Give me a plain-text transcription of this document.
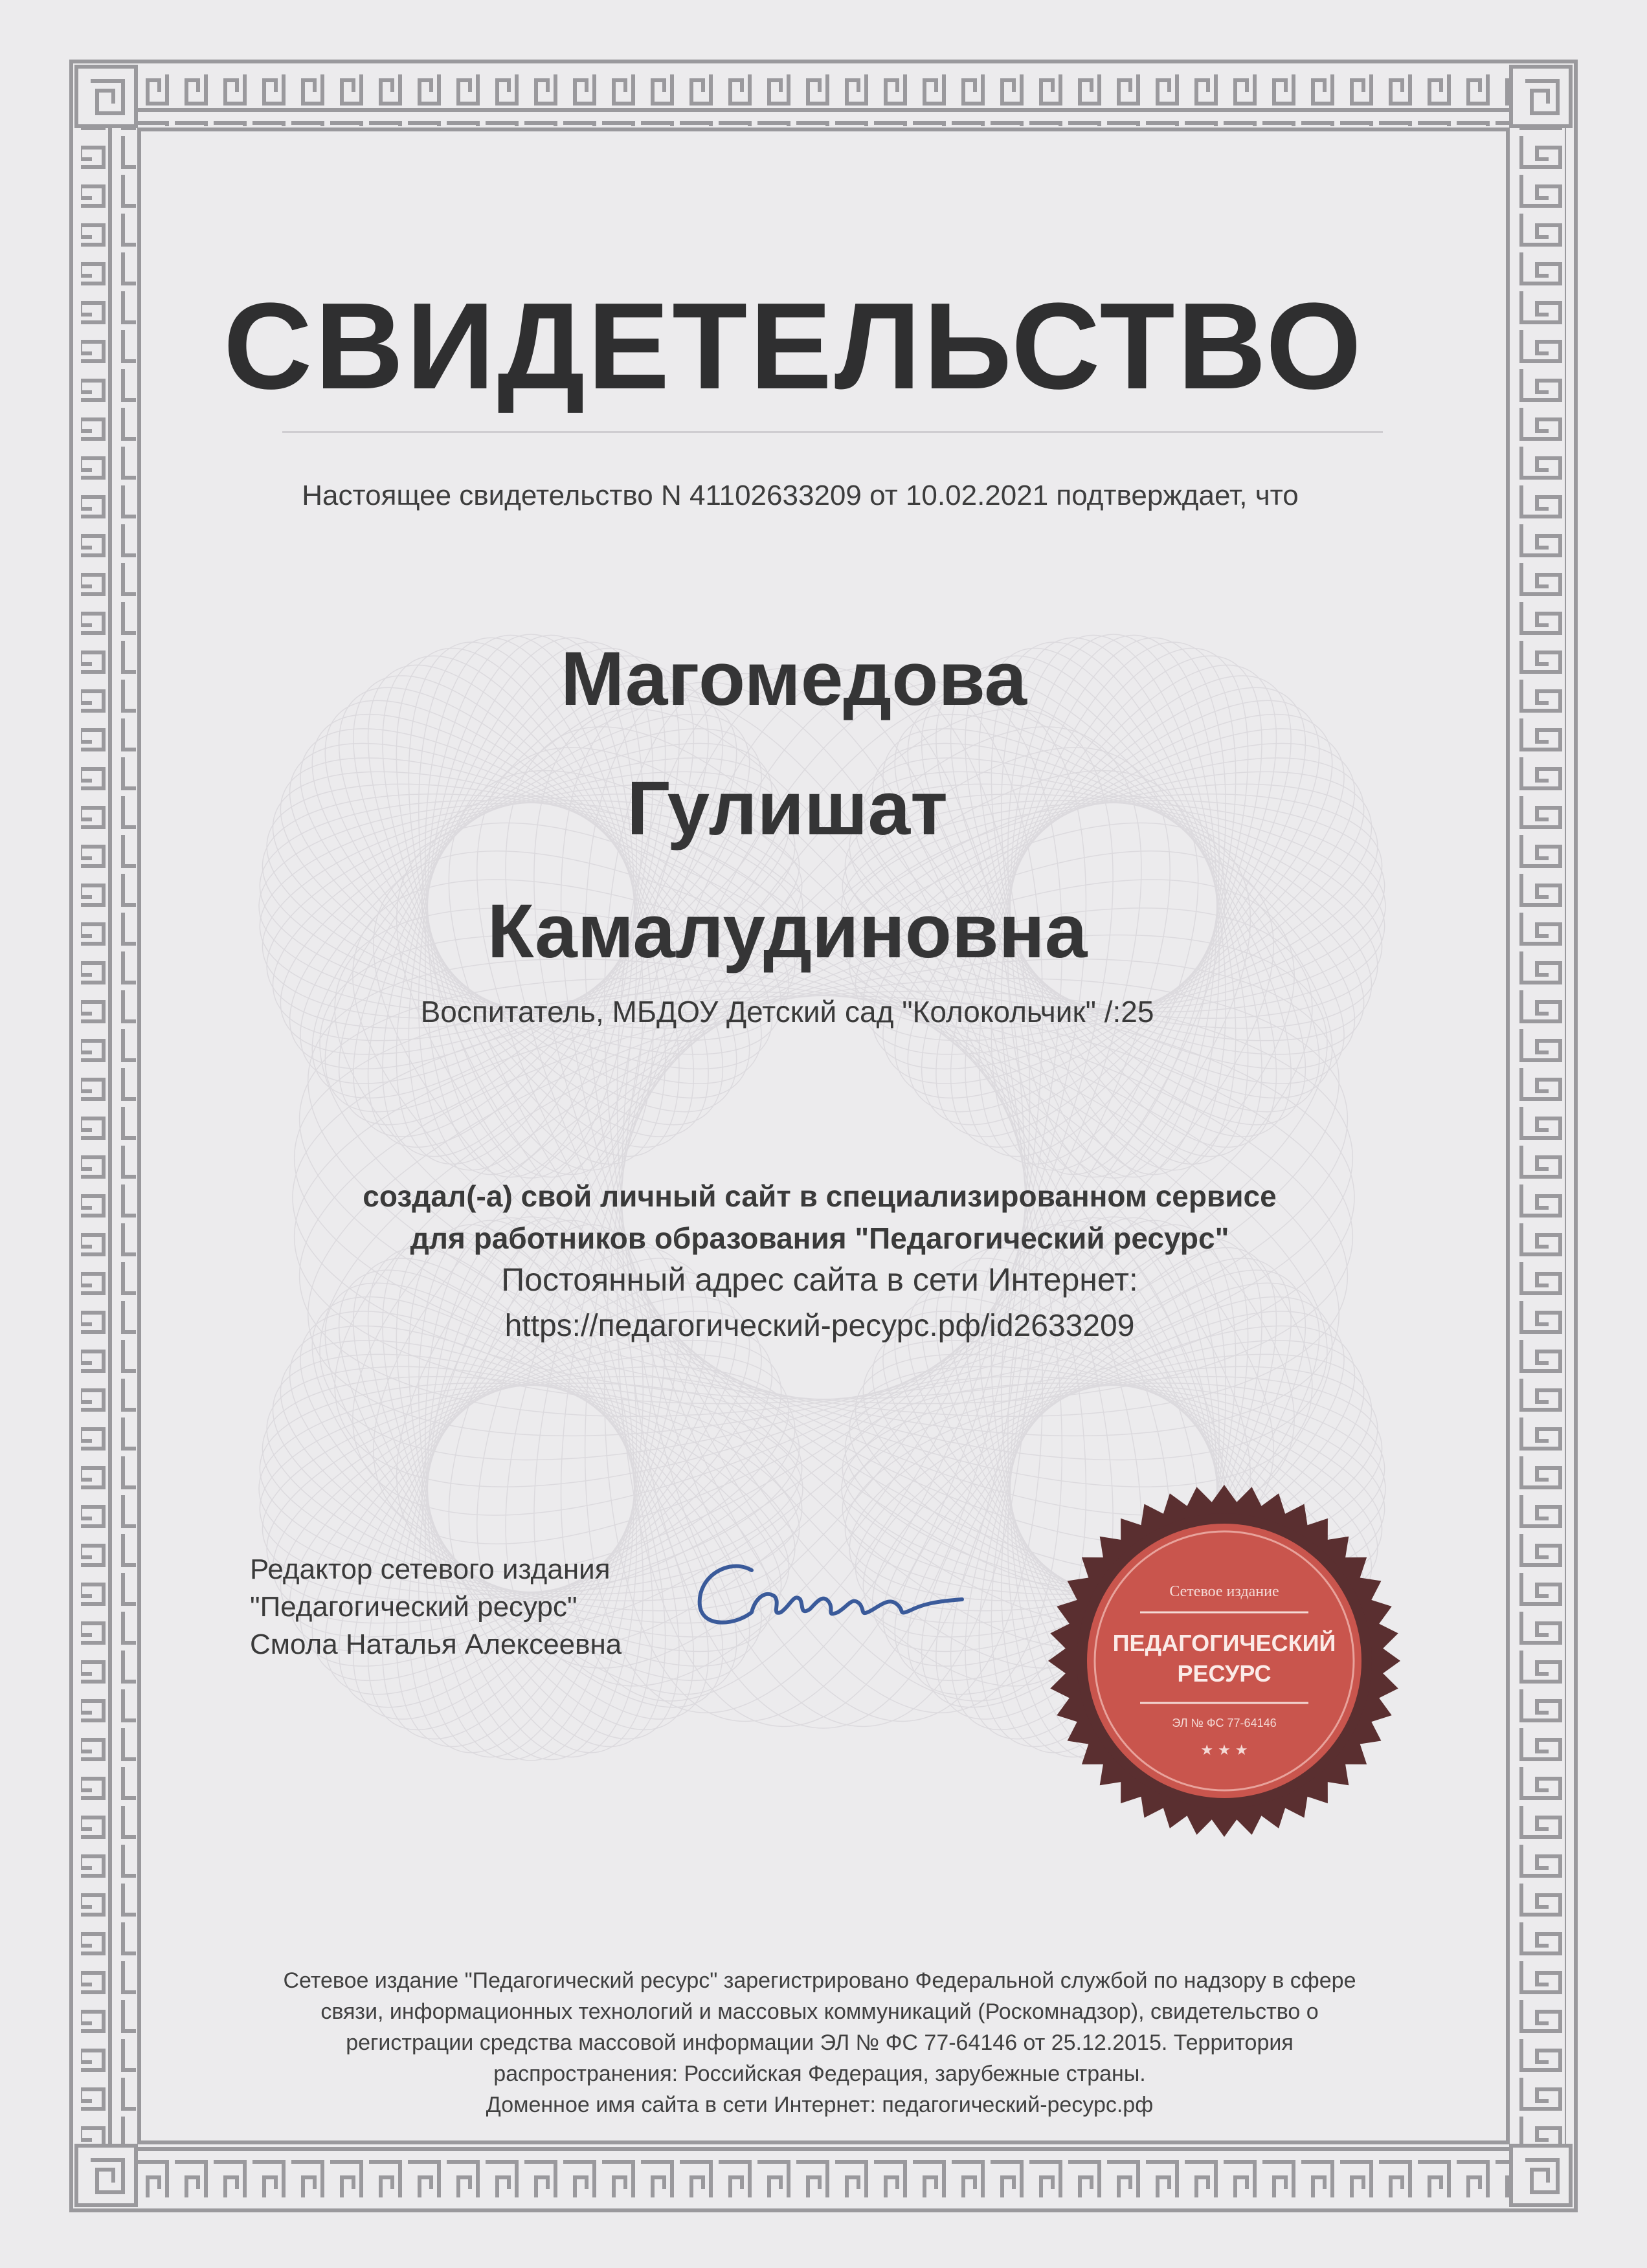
СВИДЕТЕЛЬСТВО
Настоящее свидетельство N 41102633209 от 10.02.2021 подтверждает, что
Магомедова
Гулишат
Камалудиновна
Воспитатель, МБДОУ Детский сад "Колокольчик" /:25
создал(-а) свой личный сайт в специализированном сервисе
для работников образования "Педагогический ресурс"
Постоянный адрес сайта в сети Интернет:
https://педагогический-ресурс.рф/id2633209
Редактор сетевого издания
"Педагогический ресурс"
Смола Наталья Алексеевна
Сетевое издание
ПЕДАГОГИЧЕСКИЙ
РЕСУРС
ЭЛ № ФС 77-64146
★ ★ ★
Сетевое издание "Педагогический ресурс" зарегистрировано Федеральной службой по надзору в сфере
связи, информационных технологий и массовых коммуникаций (Роскомнадзор), свидетельство о
регистрации средства массовой информации ЭЛ № ФС 77-64146 от 25.12.2015. Территория
распространения: Российская Федерация, зарубежные страны.
Доменное имя сайта в сети Интернет: педагогический-ресурс.рф
